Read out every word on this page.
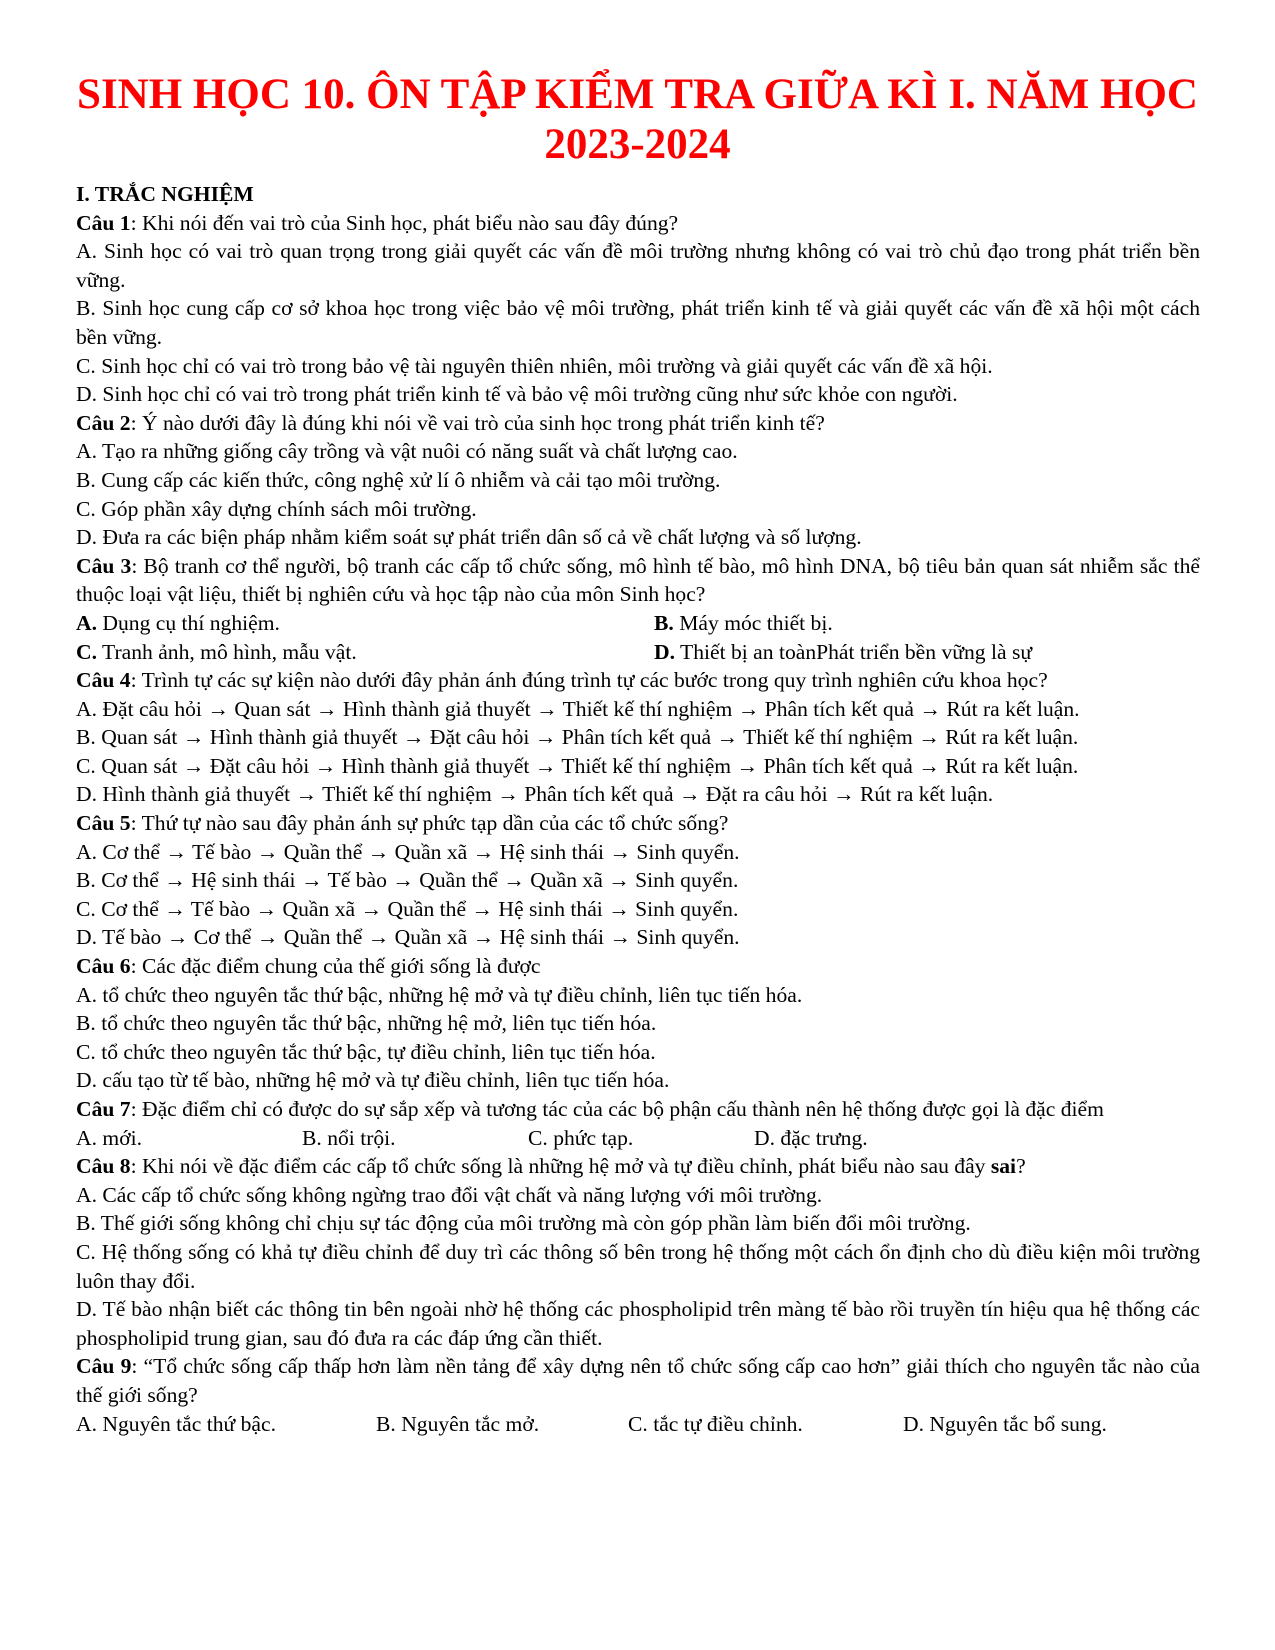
SINH HỌC 10. ÔN TẬP KIỂM TRA GIỮA KÌ I. NĂM HỌC 2023-2024

I. TRẮC NGHIỆM

Câu 1: Khi nói đến vai trò của Sinh học, phát biểu nào sau đây đúng?

A. Sinh học có vai trò quan trọng trong giải quyết các vấn đề môi trường nhưng không có vai trò chủ đạo trong phát triển bền vững.

B. Sinh học cung cấp cơ sở khoa học trong việc bảo vệ môi trường, phát triển kinh tế và giải quyết các vấn đề xã hội một cách bền vững.

C. Sinh học chỉ có vai trò trong bảo vệ tài nguyên thiên nhiên, môi trường và giải quyết các vấn đề xã hội.

D. Sinh học chỉ có vai trò trong phát triển kinh tế và bảo vệ môi trường cũng như sức khỏe con người.

Câu 2: Ý nào dưới đây là đúng khi nói về vai trò của sinh học trong phát triển kinh tế?

A. Tạo ra những giống cây trồng và vật nuôi có năng suất và chất lượng cao.

B. Cung cấp các kiến thức, công nghệ xử lí ô nhiễm và cải tạo môi trường.

C. Góp phần xây dựng chính sách môi trường.

D. Đưa ra các biện pháp nhằm kiểm soát sự phát triển dân số cả về chất lượng và số lượng.

Câu 3: Bộ tranh cơ thể người, bộ tranh các cấp tổ chức sống, mô hình tế bào, mô hình DNA, bộ tiêu bản quan sát nhiễm sắc thể thuộc loại vật liệu, thiết bị nghiên cứu và học tập nào của môn Sinh học?

A. Dụng cụ thí nghiệm.	B. Máy móc thiết bị.
C. Tranh ảnh, mô hình, mẫu vật.	D. Thiết bị an toànPhát triển bền vững là sự

Câu 4: Trình tự các sự kiện nào dưới đây phản ánh đúng trình tự các bước trong quy trình nghiên cứu khoa học?

A. Đặt câu hỏi → Quan sát → Hình thành giả thuyết → Thiết kế thí nghiệm → Phân tích kết quả → Rút ra kết luận.

B. Quan sát → Hình thành giả thuyết → Đặt câu hỏi → Phân tích kết quả → Thiết kế thí nghiệm → Rút ra kết luận.

C. Quan sát → Đặt câu hỏi → Hình thành giả thuyết → Thiết kế thí nghiệm → Phân tích kết quả → Rút ra kết luận.

D. Hình thành giả thuyết → Thiết kế thí nghiệm → Phân tích kết quả → Đặt ra câu hỏi → Rút ra kết luận.

Câu 5: Thứ tự nào sau đây phản ánh sự phức tạp dần của các tổ chức sống?

A. Cơ thể → Tế bào → Quần thể → Quần xã → Hệ sinh thái → Sinh quyển.

B. Cơ thể → Hệ sinh thái → Tế bào → Quần thể → Quần xã → Sinh quyển.

C. Cơ thể → Tế bào → Quần xã → Quần thể → Hệ sinh thái → Sinh quyển.

D. Tế bào → Cơ thể → Quần thể → Quần xã → Hệ sinh thái → Sinh quyển.

Câu 6: Các đặc điểm chung của thế giới sống là được

A. tổ chức theo nguyên tắc thứ bậc, những hệ mở và tự điều chỉnh, liên tục tiến hóa.

B. tổ chức theo nguyên tắc thứ bậc, những hệ mở, liên tục tiến hóa.

C. tổ chức theo nguyên tắc thứ bậc, tự điều chỉnh, liên tục tiến hóa.

D. cấu tạo từ tế bào, những hệ mở và tự điều chỉnh, liên tục tiến hóa.

Câu 7: Đặc điểm chỉ có được do sự sắp xếp và tương tác của các bộ phận cấu thành nên hệ thống được gọi là đặc điểm

A. mới.	B. nổi trội.	C. phức tạp.	D. đặc trưng.

Câu 8: Khi nói về đặc điểm các cấp tổ chức sống là những hệ mở và tự điều chỉnh, phát biểu nào sau đây sai?

A. Các cấp tổ chức sống không ngừng trao đổi vật chất và năng lượng với môi trường.

B. Thế giới sống không chỉ chịu sự tác động của môi trường mà còn góp phần làm biến đổi môi trường.

C. Hệ thống sống có khả tự điều chỉnh để duy trì các thông số bên trong hệ thống một cách ổn định cho dù điều kiện môi trường luôn thay đổi.

D. Tế bào nhận biết các thông tin bên ngoài nhờ hệ thống các phospholipid trên màng tế bào rồi truyền tín hiệu qua hệ thống các phospholipid trung gian, sau đó đưa ra các đáp ứng cần thiết.

Câu 9: “Tổ chức sống cấp thấp hơn làm nền tảng để xây dựng nên tổ chức sống cấp cao hơn” giải thích cho nguyên tắc nào của thế giới sống?

A. Nguyên tắc thứ bậc.	B. Nguyên tắc mở.	C. tắc tự điều chỉnh.	D. Nguyên tắc bổ sung.
